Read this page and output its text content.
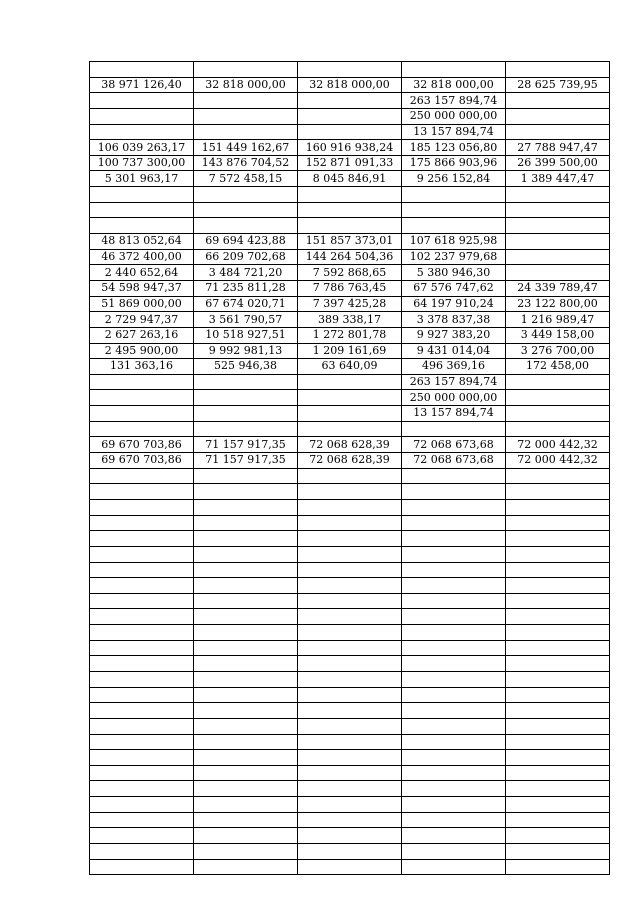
38 971 126,40	32 818 000,00	32 818 000,00	32 818 000,00	28 625 739,95
			263 157 894,74	
			250 000 000,00	
			13 157 894,74	
106 039 263,17	151 449 162,67	160 916 938,24	185 123 056,80	27 788 947,47
100 737 300,00	143 876 704,52	152 871 091,33	175 866 903,96	26 399 500,00
5 301 963,17	7 572 458,15	8 045 846,91	9 256 152,84	1 389 447,47

48 813 052,64	69 694 423,88	151 857 373,01	107 618 925,98	
46 372 400,00	66 209 702,68	144 264 504,36	102 237 979,68	
2 440 652,64	3 484 721,20	7 592 868,65	5 380 946,30	
54 598 947,37	71 235 811,28	7 786 763,45	67 576 747,62	24 339 789,47
51 869 000,00	67 674 020,71	7 397 425,28	64 197 910,24	23 122 800,00
2 729 947,37	3 561 790,57	389 338,17	3 378 837,38	1 216 989,47
2 627 263,16	10 518 927,51	1 272 801,78	9 927 383,20	3 449 158,00
2 495 900,00	9 992 981,13	1 209 161,69	9 431 014,04	3 276 700,00
131 363,16	525 946,38	63 640,09	496 369,16	172 458,00
			263 157 894,74	
			250 000 000,00	
			13 157 894,74	

69 670 703,86	71 157 917,35	72 068 628,39	72 068 673,68	72 000 442,32
69 670 703,86	71 157 917,35	72 068 628,39	72 068 673,68	72 000 442,32
